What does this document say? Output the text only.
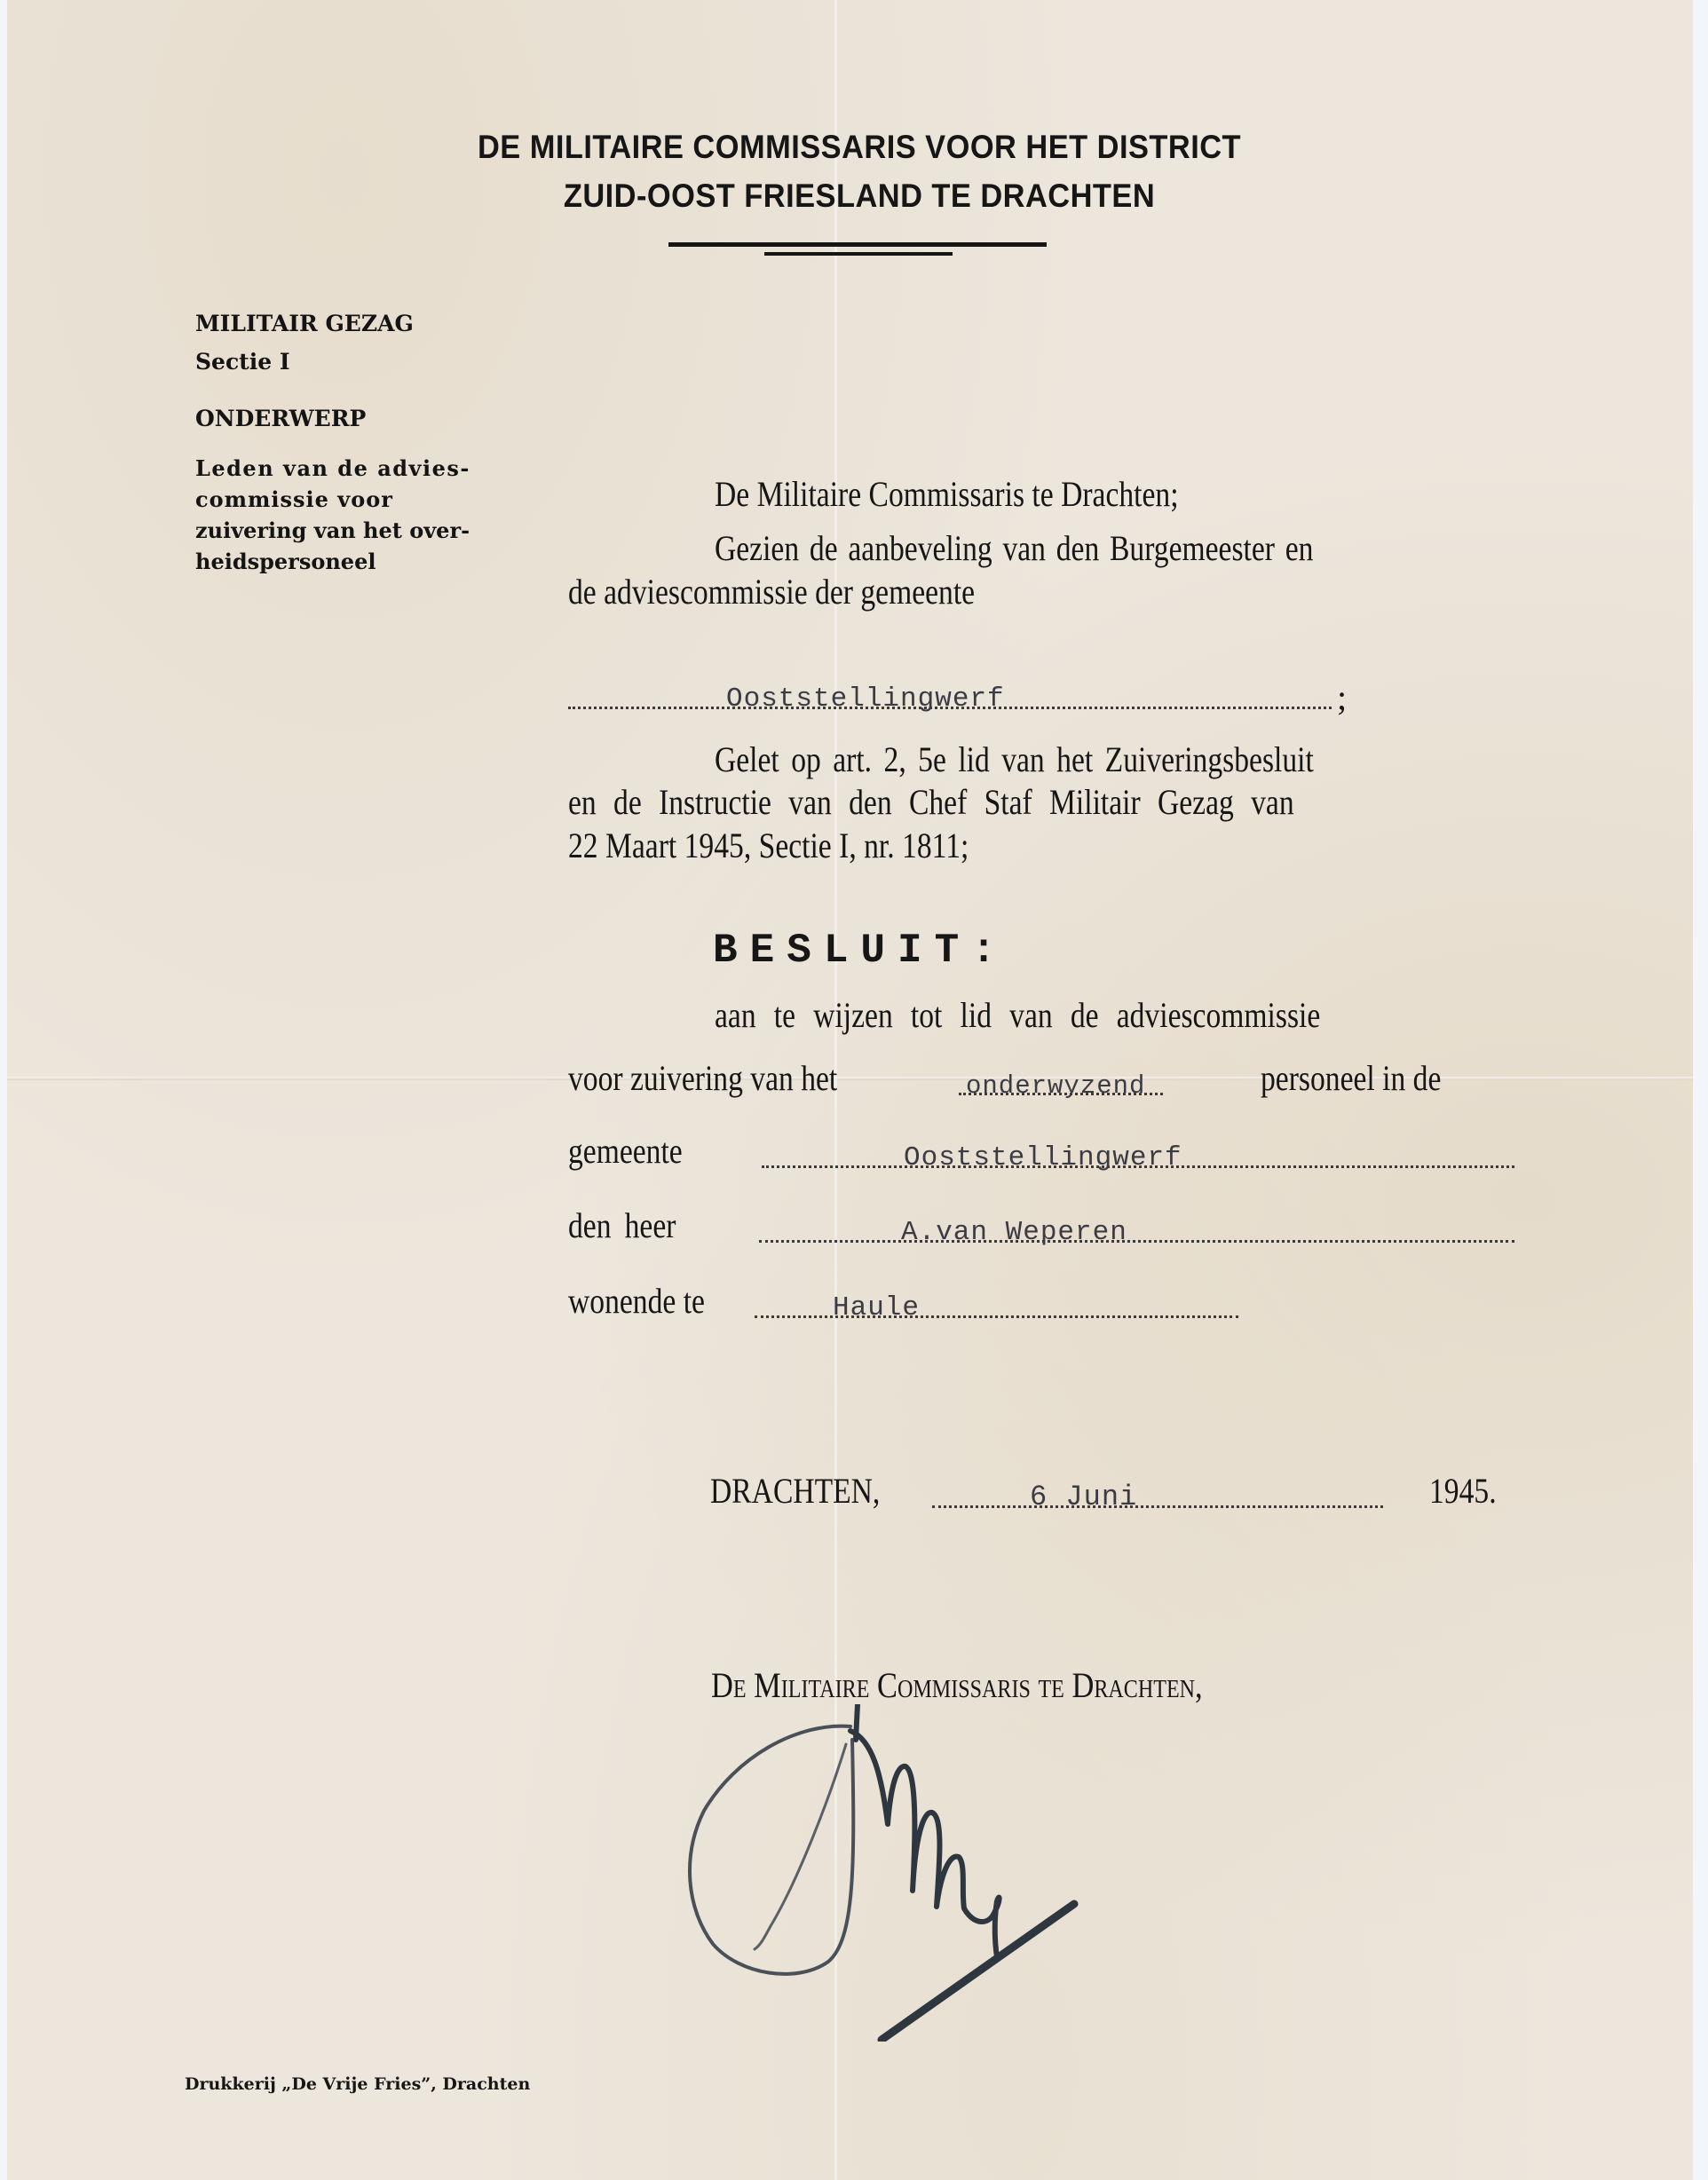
DE MILITAIRE COMMISSARIS VOOR HET DISTRICT

ZUID-OOST FRIESLAND TE DRACHTEN

MILITAIR GEZAG

Sectie I

ONDERWERP

Leden van de advies-

commissie voor

zuivering van het over-

heidspersoneel

De Militaire Commissaris te Drachten;

Gezien de aanbeveling van den Burgemeester en

de adviescommissie der gemeente

Ooststellingwerf	;

Gelet op art. 2, 5e lid van het Zuiveringsbesluit

en de Instructie van den Chef Staf Militair Gezag van

22 Maart 1945, Sectie I, nr. 1811;

BESLUIT:

aan te wijzen tot lid van de adviescommissie

voor zuivering van het	onderwyzend	personeel in de
gemeente	Ooststellingwerf
den heer	A.van Weperen
wonende te	Haule
DRACHTEN,	6 Juni	1945.

De Militaire Commissaris te Drachten,

Drukkerij „De Vrije Fries”, Drachten
